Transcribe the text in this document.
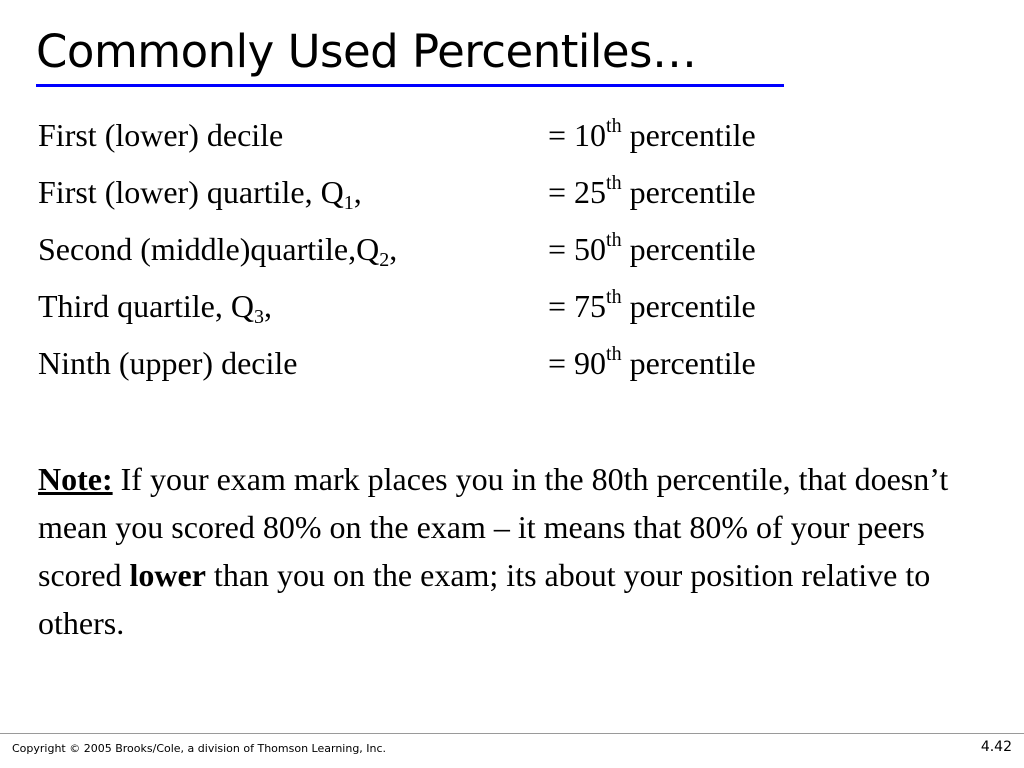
Commonly Used Percentiles…
First (lower) decile	= 10th percentile
First (lower) quartile, $Q_1$,	= 25th percentile
Second $(middle)quartile,Q_2$,	= 50th percentile
Third quartile, $Q_3$,	= 75th percentile
Ninth (upper) decile	= 90th percentile

Note: If your exam mark places you in the 80th percentile, that doesn’t mean you scored 80% on the exam – it means that 80% of your peers scored lower than you on the exam; its about your position relative to others.

Copyright © 2005 Brooks/Cole, a division of Thomson Learning, Inc.	4.42
